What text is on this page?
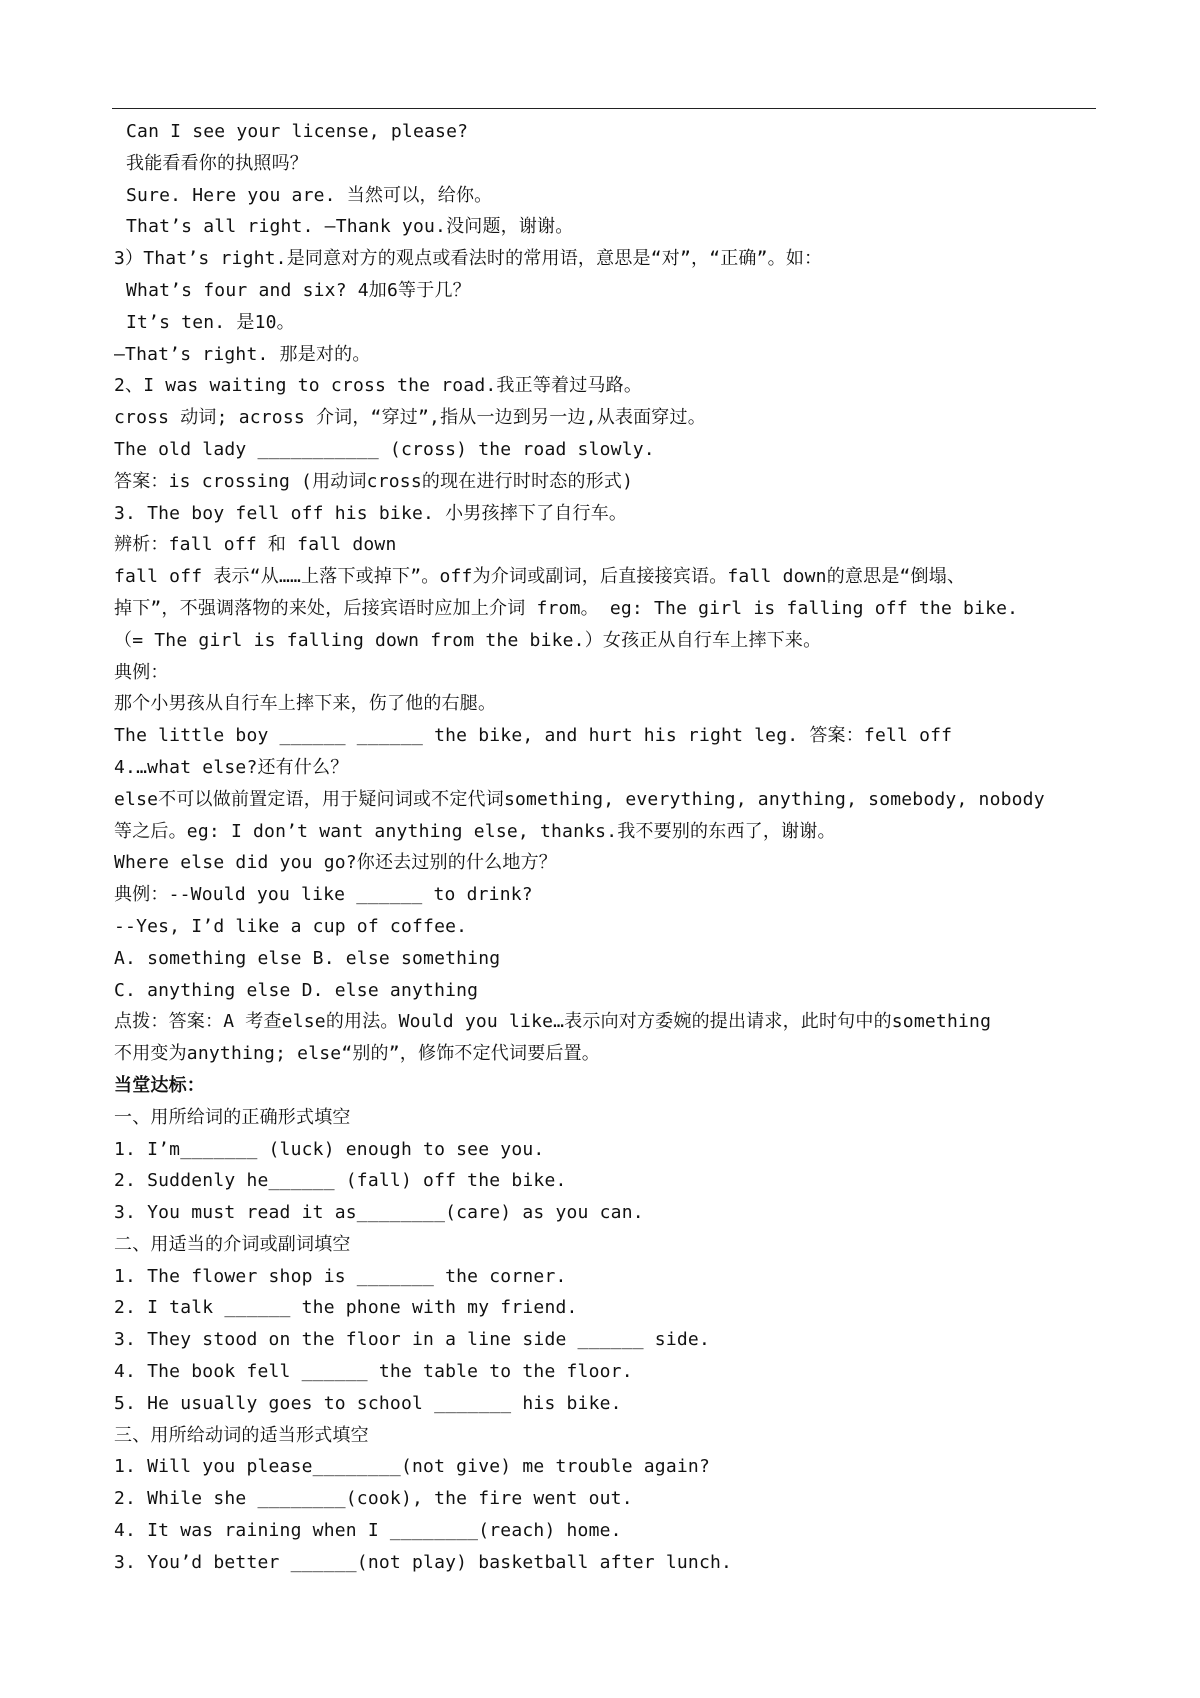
Can I see your license, please?
我能看看你的执照吗？
Sure. Here you are. 当然可以，给你。
That’s all right. —Thank you.没问题，谢谢。
3）That’s right.是同意对方的观点或看法时的常用语，意思是“对”，“正确”。如：
What’s four and six? 4加6等于几？
It’s ten. 是10。
—That’s right. 那是对的。
2、I was waiting to cross the road.我正等着过马路。
cross 动词; across 介词，“穿过”,指从一边到另一边,从表面穿过。
The old lady ___________ (cross) the road slowly.
答案：is crossing (用动词cross的现在进行时时态的形式)
3. The boy fell off his bike. 小男孩摔下了自行车。
辨析：fall off 和 fall down
fall off 表示“从……上落下或掉下”。off为介词或副词，后直接接宾语。fall down的意思是“倒塌、
掉下”，不强调落物的来处，后接宾语时应加上介词 from。 eg: The girl is falling off the bike.
（= The girl is falling down from the bike.）女孩正从自行车上摔下来。
典例：
那个小男孩从自行车上摔下来，伤了他的右腿。
The little boy ______ ______ the bike, and hurt his right leg. 答案：fell off
4.…what else?还有什么？
else不可以做前置定语，用于疑问词或不定代词something, everything, anything, somebody, nobody
等之后。eg: I don’t want anything else, thanks.我不要别的东西了，谢谢。
Where else did you go?你还去过别的什么地方？
典例：--Would you like ______ to drink?
--Yes, I’d like a cup of coffee.
A. something else B. else something
C. anything else D. else anything
点拨：答案：A 考查else的用法。Would you like…表示向对方委婉的提出请求，此时句中的something
不用变为anything; else“别的”，修饰不定代词要后置。
当堂达标：
一、用所给词的正确形式填空
1. I’m_______ (luck) enough to see you.
2. Suddenly he______ (fall) off the bike.
3. You must read it as________(care) as you can.
二、用适当的介词或副词填空
1. The flower shop is _______ the corner.
2. I talk ______ the phone with my friend.
3. They stood on the floor in a line side ______ side.
4. The book fell ______ the table to the floor.
5. He usually goes to school _______ his bike.
三、用所给动词的适当形式填空
1. Will you please________(not give) me trouble again?
2. While she ________(cook), the fire went out.
4. It was raining when I ________(reach) home.
3. You’d better ______(not play) basketball after lunch.
